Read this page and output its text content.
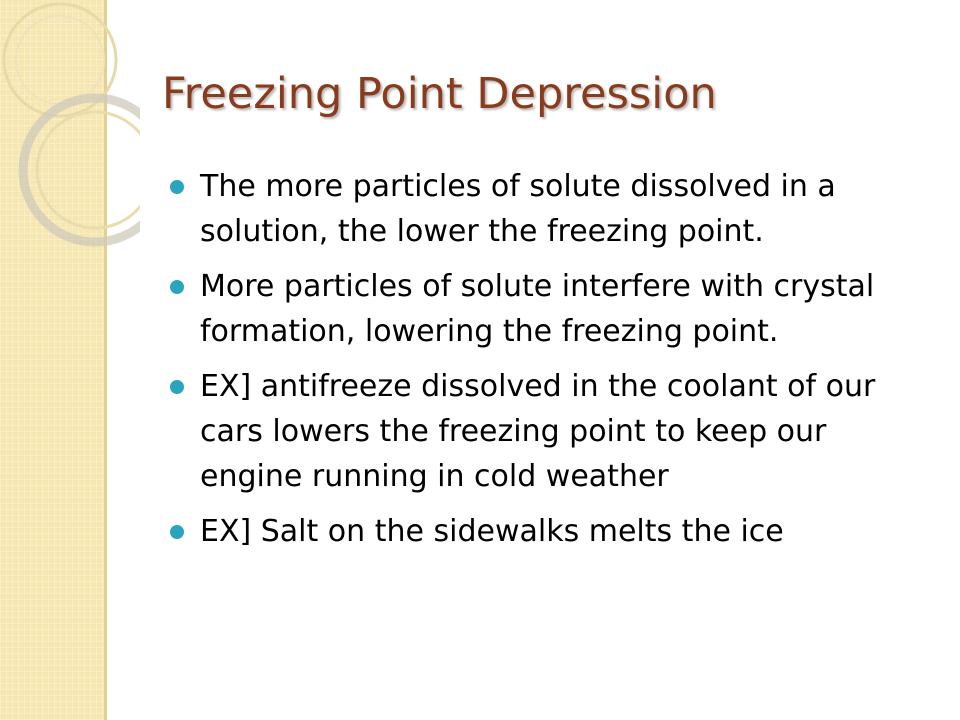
Freezing Point Depression
The more particles of solute dissolved in a solution, the lower the freezing point.
More particles of solute interfere with crystal formation, lowering the freezing point.
EX] antifreeze dissolved in the coolant of our cars lowers the freezing point to keep our engine running in cold weather
EX] Salt on the sidewalks melts the ice
